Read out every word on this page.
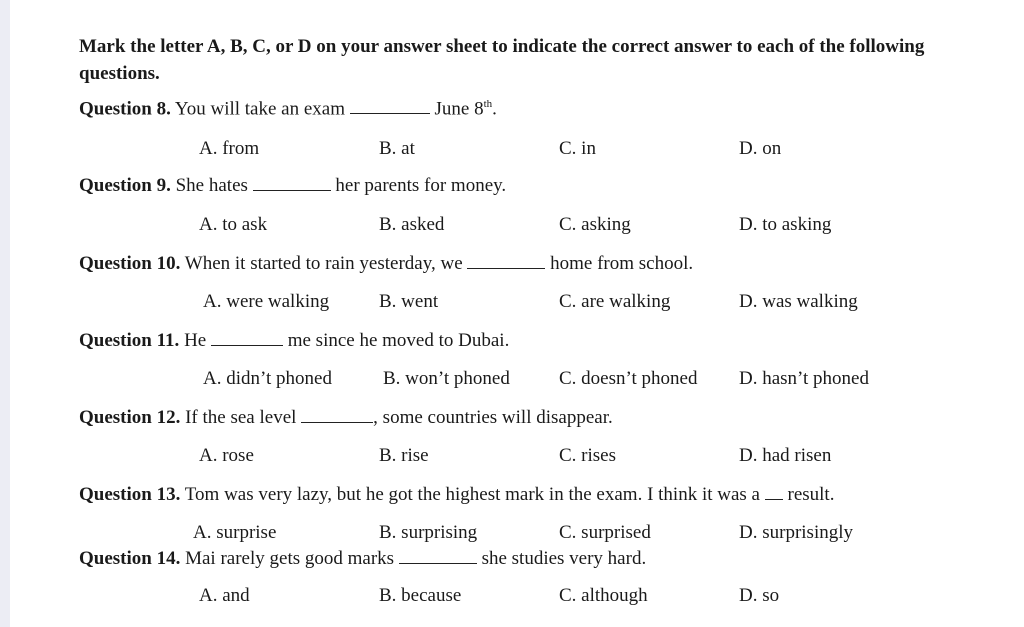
Mark the letter A, B, C, or D on your answer sheet to indicate the correct answer to each of the following questions.
Question 8. You will take an exam	June 8th.
A. from	B. at	C. in	D. on
Question 9. She hates	her parents for money.
A. to ask	B. asked	C. asking	D. to asking
Question 10. When it started to rain yesterday, we	home from school.
A. were walking	B. went	C. are walking	D. was walking
Question 11. He	me since he moved to Dubai.
A. didn’t phoned	B. won’t phoned	C. doesn’t phoned D. hasn’t phoned
Question 12. If the sea level	, some countries will disappear.
A. rose	B. rise	C. rises	D. had risen
Question 13. Tom was very lazy, but he got the highest mark in the exam. I think it was a result.
A. surprise	B. surprising	C. surprised	D. surprisingly
Question 14. Mai rarely gets good marks	she studies very hard.
A. and	B. because	C. although	D. so
